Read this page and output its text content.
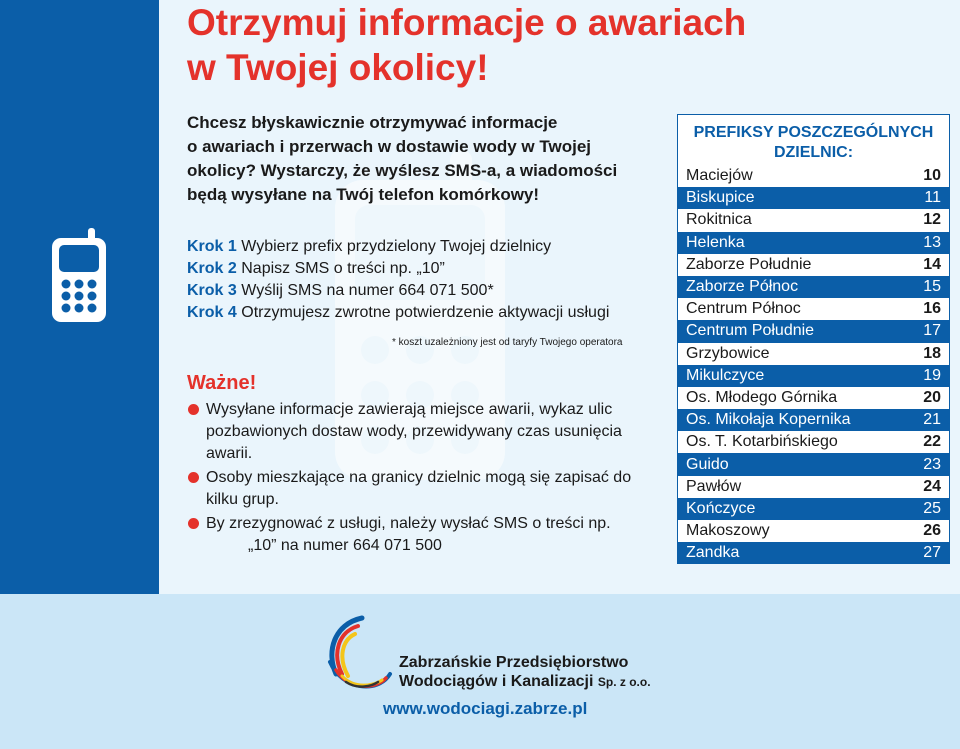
Otrzymuj informacje o awariach
w Twojej okolicy!

Chcesz błyskawicznie otrzymywać informacje
o awariach i przerwach w dostawie wody w Twojej
okolicy? Wystarczy, że wyślesz SMS-a, a wiadomości
będą wysyłane na Twój telefon komórkowy!

Krok 1 Wybierz prefix przydzielony Twojej dzielnicy
Krok 2 Napisz SMS o treści np. „10”
Krok 3 Wyślij SMS na numer 664 071 500*
Krok 4 Otrzymujesz zwrotne potwierdzenie aktywacji usługi
* koszt uzależniony jest od taryfy Twojego operatora
Ważne!
Wysyłane informacje zawierają miejsce awarii, wykaz ulic pozbawionych dostaw wody, przewidywany czas usunięcia awarii.
Osoby mieszkające na granicy dzielnic mogą się zapisać do kilku grup.
By zrezygnować z usługi, należy wysłać SMS o treści np.
„10” na numer 664 071 500
PREFIKSY POSZCZEGÓLNYCH
DZIELNIC:
Maciejów	10
Biskupice	11
Rokitnica	12
Helenka	13
Zaborze Południe	14
Zaborze Północ	15
Centrum Północ	16
Centrum Południe	17
Grzybowice	18
Mikulczyce	19
Os. Młodego Górnika	20
Os. Mikołaja Kopernika	21
Os. T. Kotarbińskiego	22
Guido	23
Pawłów	24
Kończyce	25
Makoszowy	26
Zandka	27
Zabrzańskie Przedsiębiorstwo
Wodociągów i Kanalizacji Sp. z o.o.
www.wodociagi.zabrze.pl
